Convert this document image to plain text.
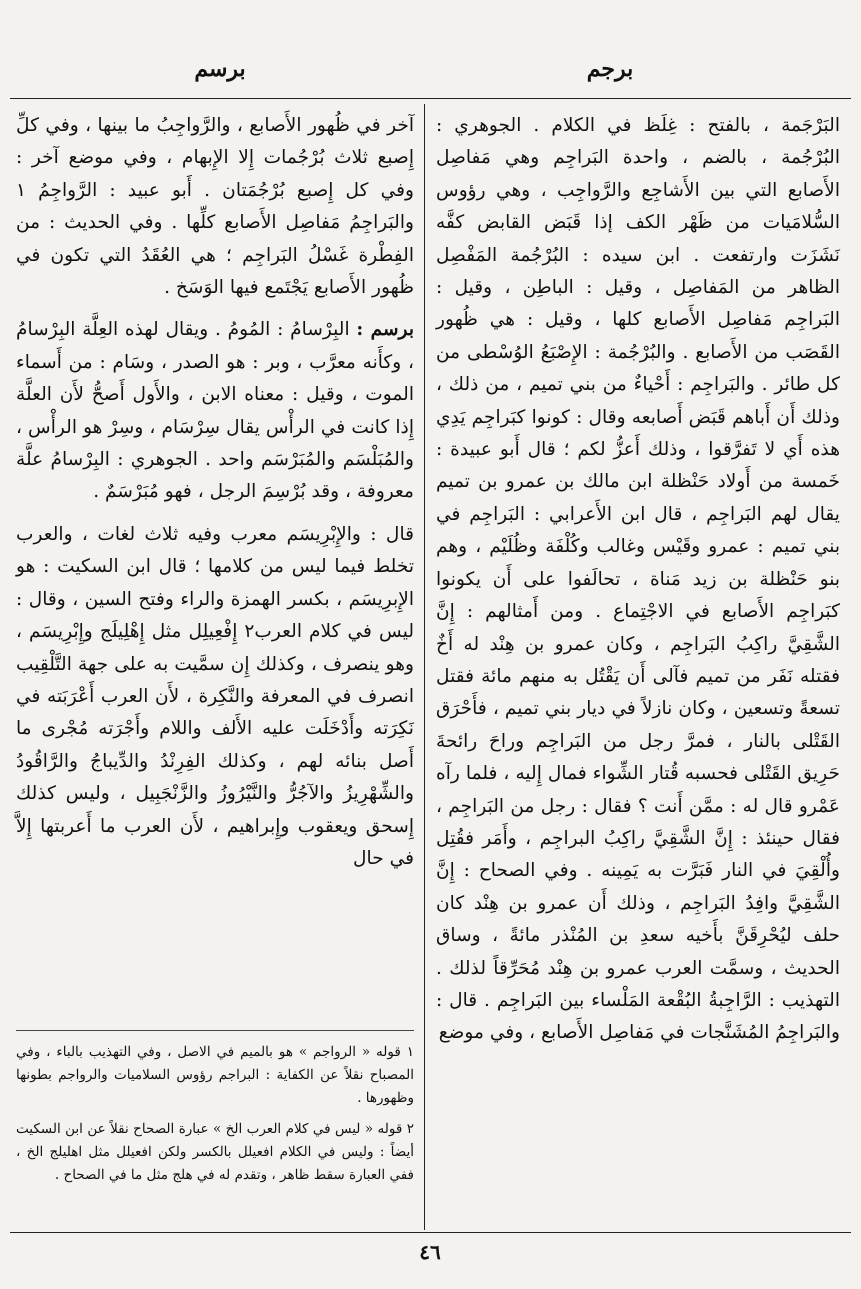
برجم
برسم

البَرْجَمة ، بالفتح : غِلَظ في الكلام . الجوهري : البُرْجُمة ، بالضم ، واحدة البَراجِم وهي مَفاصِل الأَصابع التي بين الأَشاجِع والرَّواجِب ، وهي رؤوس السُّلامَيات من ظَهْر الكف إذا قَبَض القابض كفَّه نَشَزَت وارتفعت . ابن سيده : البُرْجُمة المَفْصِل الظاهر من المَفاصِل ، وقيل : الباطِن ، وقيل : البَراجِم مَفاصِل الأَصابع كلها ، وقيل : هي ظُهور القَصَب من الأَصابع . والبُرْجُمة : الإِصْبَعُ الوُسْطى من كل طائر . والبَراجِم : أَحْياءٌ من بني تميم ، من ذلك ، وذلك أَن أَباهم قَبَض أَصابعه وقال : كونوا كبَراجِم يَدِي هذه أَي لا تَفرَّقوا ، وذلك أَعزُّ لكم ؛ قال أَبو عبيدة : خَمسة من أَولاد حَنْظلة ابن مالك بن عمرو بن تميم يقال لهم البَراجِم ، قال ابن الأَعرابي : البَراجِم في بني تميم : عمرو وقَيْس وغالب وكُلْفَة وظُلَيْم ، وهم بنو حَنْظلة بن زيد مَناة ، تحالَفوا على أَن يكونوا كبَراجِم الأَصابع في الاجْتِماع . ومن أَمثالهم : إِنَّ الشَّقِيَّ راكِبُ البَراجِم ، وكان عمرو بن هِنْد له أَخٌ فقتله نَفَر من تميم فآلى أَن يَقْتُل به منهم مائة فقتل تسعةً وتسعين ، وكان نازلاً في ديار بني تميم ، فأَحْرَق القَتْلى بالنار ، فمرَّ رجل من البَراجِم وراحَ رائحةَ حَرِيق القَتْلى فحسبه قُتار الشِّواء فمال إِليه ، فلما رآه عَمْرو قال له : ممَّن أَنت ؟ فقال : رجل من البَراجِم ، فقال حينئذ : إِنَّ الشَّقِيَّ راكِبُ البراجِم ، وأَمَر فقُتِل وأُلْقِيَ في النار فَبَرَّت به يَمِينه . وفي الصحاح : إِنَّ الشَّقِيَّ وافِدُ البَراجِم ، وذلك أَن عمرو بن هِنْد كان حلف ليُحْرِقَنَّ بأَخيه سعدِ بن المُنْذر مائةً ، وساق الحديث ، وسمَّت العرب عمرو بن هِنْد مُحَرِّقاً لذلك . التهذيب : الرَّاجِبةُ البُقْعة المَلْساء بين البَراجِم . قال : والبَراجِمُ المُشَنَّجات في مَفاصِل الأَصابع ، وفي موضع

آخر في ظُهور الأَصابع ، والرَّواجِبُ ما بينها ، وفي كلِّ إِصبع ثلاث بُرْجُمات إِلا الإِبهام ، وفي موضع آخر : وفي كل إِصبع بُرْجُمَتان . أَبو عبيد : الرَّواجِمُ ١ والبَراجِمُ مَفاصِل الأَصابع كلِّها . وفي الحديث : من الفِطْرة غَسْلُ البَراجِم ؛ هي العُقَدُ التي تكون في ظُهور الأَصابع يَجْتَمع فيها الوَسَخ .

برسم : البِرْسامُ : المُومُ . ويقال لهذه العِلَّة البِرْسامُ ، وكأَنه معرَّب ، وبر : هو الصدر ، وسَام : من أَسماء الموت ، وقيل : معناه الابن ، والأَول أَصحُّ لأَن العلَّة إِذا كانت في الرأْس يقال سِرْسَام ، وسِرْ هو الرأْس ، والمُبَلْسَم والمُبَرْسَم واحد . الجوهري : البِرْسامُ علَّة معروفة ، وقد بُرْسِمَ الرجل ، فهو مُبَرْسَمٌ .

قال : والإِبْرِيسَم معرب وفيه ثلاث لغات ، والعرب تخلط فيما ليس من كلامها ؛ قال ابن السكيت : هو الإِبرِيسَم ، بكسر الهمزة والراء وفتح السين ، وقال : ليس في كلام العرب٢ إِفْعِيلِل مثل إِهْلِيلَج وإِبْرِيسَم ، وهو ينصرف ، وكذلك إِن سمَّيت به على جهة التَّلْقِيب انصرف في المعرفة والنَّكِرة ، لأَن العرب أَعْرَبَته في نَكِرَته وأَدْخَلَت عليه الأَلف واللام وأَجْرَته مُجْرى ما أَصل بنائه لهم ، وكذلك الفِرِنْدُ والدِّيباجُ والرَّاقُودُ والشِّهْرِيزُ والآجُرُّ والنَّيْرُوزُ والزَّنْجَبِيل ، وليس كذلك إِسحق ويعقوب وإِبراهيم ، لأَن العرب ما أَعربتها إِلاَّ في حال

١ قوله « الرواجم » هو بالميم في الاصل ، وفي التهذيب بالباء ، وفي المصباح نقلاً عن الكفاية : البراجم رؤوس السلاميات والرواجم بطونها وظهورها .

٢ قوله « ليس في كلام العرب الخ » عبارة الصحاح نقلاً عن ابن السكيت أيضاً : وليس في الكلام افعيلل بالكسر ولكن افعيلل مثل اهليلج الخ ، ففي العبارة سقط ظاهر ، وتقدم له في هلج مثل ما في الصحاح .

٤٦
